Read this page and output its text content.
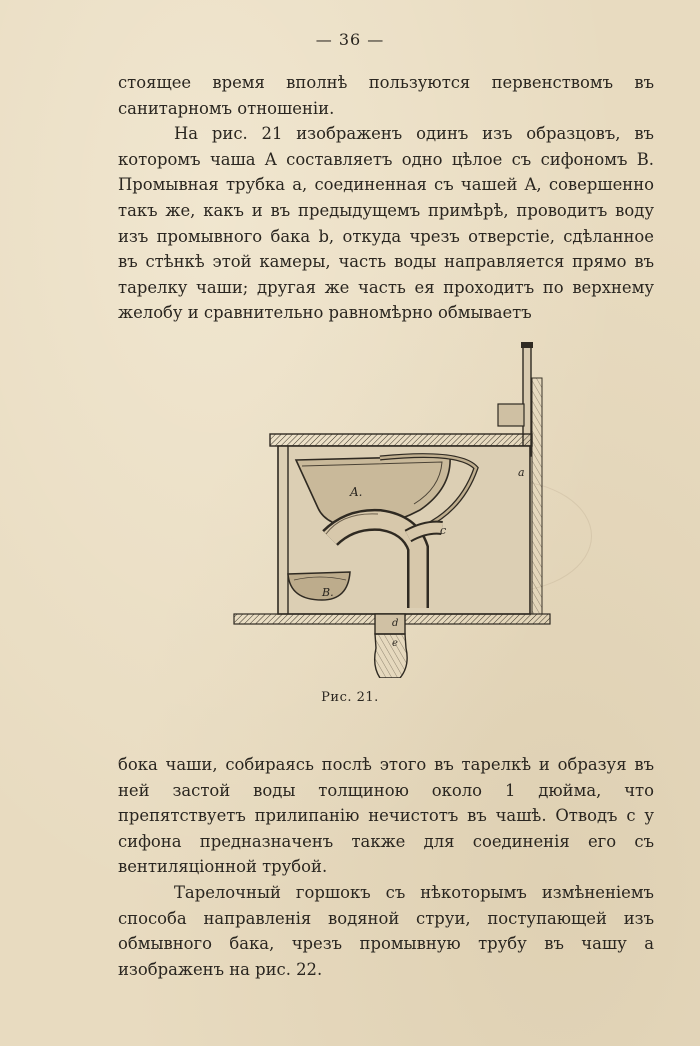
— 36 —

стоящее время вполнѣ пользуются первенствомъ въ санитарномъ отношеніи.

На рис. 21 изображенъ одинъ изъ образцовъ, въ которомъ чаша A составляетъ одно цѣлое съ сифономъ B. Промывная трубка a, соединенная съ чашей A, совершенно такъ же, какъ и въ предыдущемъ примѣрѣ, проводитъ воду изъ промывного бака b, откуда чрезъ отверстіе, сдѣланное въ стѣнкѣ этой камеры, часть воды направляется прямо въ тарелку чаши; другая же часть ея проходитъ по верхнему желобу и сравнительно равномѣрно обмываетъ

A.
B.
a
c
d
e
Рис. 21.

бока чаши, собираясь послѣ этого въ тарелкѣ и образуя въ ней застой воды толщиною около 1 дюйма, что препятствуетъ прилипанію нечистотъ въ чашѣ. Отводъ c у сифона предназначенъ также для соединенія его съ вентиляціонной трубой.

Тарелочный горшокъ съ нѣкоторымъ измѣненіемъ способа направленія водяной струи, поступающей изъ обмывного бака, чрезъ промывную трубу въ чашу a изображенъ на рис. 22.
